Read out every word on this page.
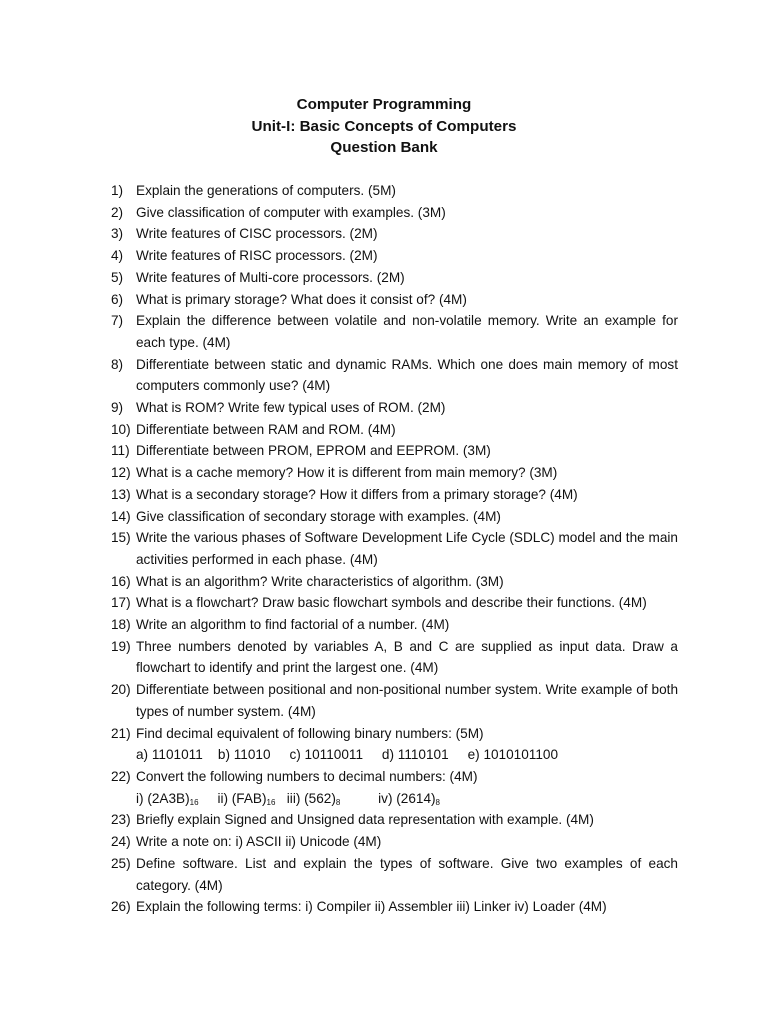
Computer Programming
Unit-I: Basic Concepts of Computers
Question Bank
1) Explain the generations of computers. (5M)
2) Give classification of computer with examples. (3M)
3) Write features of CISC processors. (2M)
4) Write features of RISC processors. (2M)
5) Write features of Multi-core processors. (2M)
6) What is primary storage? What does it consist of? (4M)
7) Explain the difference between volatile and non-volatile memory. Write an example for each type. (4M)
8) Differentiate between static and dynamic RAMs. Which one does main memory of most computers commonly use? (4M)
9) What is ROM? Write few typical uses of ROM. (2M)
10) Differentiate between RAM and ROM. (4M)
11) Differentiate between PROM, EPROM and EEPROM. (3M)
12) What is a cache memory? How it is different from main memory? (3M)
13) What is a secondary storage? How it differs from a primary storage? (4M)
14) Give classification of secondary storage with examples. (4M)
15) Write the various phases of Software Development Life Cycle (SDLC) model and the main activities performed in each phase. (4M)
16) What is an algorithm? Write characteristics of algorithm. (3M)
17) What is a flowchart? Draw basic flowchart symbols and describe their functions. (4M)
18) Write an algorithm to find factorial of a number. (4M)
19) Three numbers denoted by variables A, B and C are supplied as input data. Draw a flowchart to identify and print the largest one. (4M)
20) Differentiate between positional and non-positional number system. Write example of both types of number system. (4M)
21) Find decimal equivalent of following binary numbers: (5M)
a) 1101011 b) 11010 c) 10110011 d) 1110101 e) 1010101100
22) Convert the following numbers to decimal numbers: (4M)
i) $(2A3B)_{16}$ ii) $(FAB)_{16}$ iii) $(562)_8$	iv) $(2614)_8$
23) Briefly explain Signed and Unsigned data representation with example. (4M)
24) Write a note on: i) ASCII ii) Unicode (4M)
25) Define software. List and explain the types of software. Give two examples of each category. (4M)
26) Explain the following terms: i) Compiler ii) Assembler iii) Linker iv) Loader (4M)
